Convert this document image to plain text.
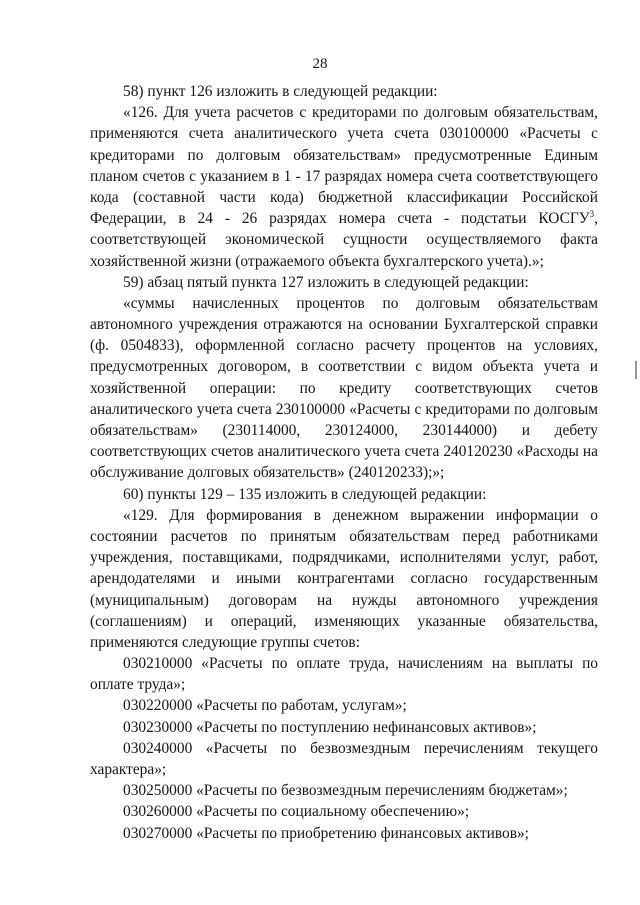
28
58) пункт 126 изложить в следующей редакции:
«126. Для учета расчетов с кредиторами по долговым обязательствам,
применяются счета аналитического учета счета 030100000 «Расчеты с
кредиторами по долговым обязательствам» предусмотренные Единым
планом счетов с указанием в 1 - 17 разрядах номера счета соответствующего
кода (составной части кода) бюджетной классификации Российской
Федерации, в 24 - 26 разрядах номера счета - подстатьи КОСГУ$^3$,
соответствующей экономической сущности осуществляемого факта
хозяйственной жизни (отражаемого объекта бухгалтерского учета).»;
59) абзац пятый пункта 127 изложить в следующей редакции:
«суммы начисленных процентов по долговым обязательствам
автономного учреждения отражаются на основании Бухгалтерской справки
(ф. 0504833), оформленной согласно расчету процентов на условиях,
предусмотренных договором, в соответствии с видом объекта учета и
хозяйственной операции: по кредиту соответствующих счетов
аналитического учета счета 230100000 «Расчеты с кредиторами по долговым
обязательствам» (230114000, 230124000, 230144000) и дебету
соответствующих счетов аналитического учета счета 240120230 «Расходы на
обслуживание долговых обязательств» (240120233);»;
60) пункты 129 – 135 изложить в следующей редакции:
«129. Для формирования в денежном выражении информации о
состоянии расчетов по принятым обязательствам перед работниками
учреждения, поставщиками, подрядчиками, исполнителями услуг, работ,
арендодателями и иными контрагентами согласно государственным
(муниципальным) договорам на нужды автономного учреждения
(соглашениям) и операций, изменяющих указанные обязательства,
применяются следующие группы счетов:
030210000 «Расчеты по оплате труда, начислениям на выплаты по
оплате труда»;
030220000 «Расчеты по работам, услугам»;
030230000 «Расчеты по поступлению нефинансовых активов»;
030240000 «Расчеты по безвозмездным перечислениям текущего
характера»;
030250000 «Расчеты по безвозмездным перечислениям бюджетам»;
030260000 «Расчеты по социальному обеспечению»;
030270000 «Расчеты по приобретению финансовых активов»;
